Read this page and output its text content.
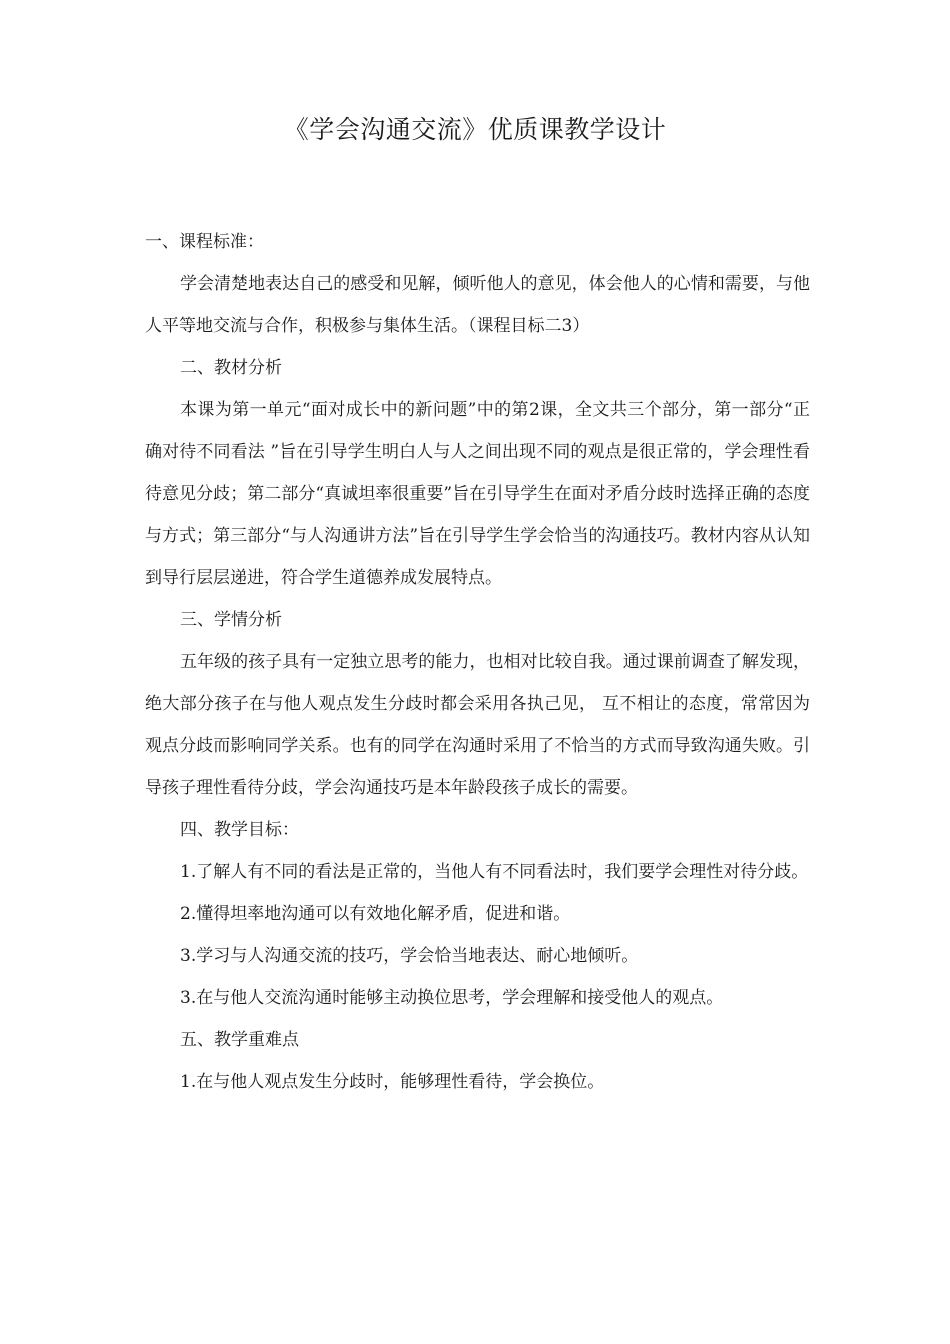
《学会沟通交流》优质课教学设计

一、课程标准：

学会清楚地表达自己的感受和见解，倾听他人的意见，体会他人的心情和需要，与他人平等地交流与合作，积极参与集体生活。（课程目标二3）

二、教材分析

本课为第一单元“面对成长中的新问题”中的第2课，全文共三个部分，第一部分“正确对待不同看法 ”旨在引导学生明白人与人之间出现不同的观点是很正常的，学会理性看待意见分歧；第二部分“真诚坦率很重要”旨在引导学生在面对矛盾分歧时选择正确的态度与方式；第三部分“与人沟通讲方法”旨在引导学生学会恰当的沟通技巧。教材内容从认知到导行层层递进，符合学生道德养成发展特点。

三、学情分析

五年级的孩子具有一定独立思考的能力，也相对比较自我。通过课前调查了解发现，绝大部分孩子在与他人观点发生分歧时都会采用各执己见， 互不相让的态度，常常因为观点分歧而影响同学关系。也有的同学在沟通时采用了不恰当的方式而导致沟通失败。引导孩子理性看待分歧，学会沟通技巧是本年龄段孩子成长的需要。

四、教学目标：

1.了解人有不同的看法是正常的，当他人有不同看法时，我们要学会理性对待分歧。

2.懂得坦率地沟通可以有效地化解矛盾，促进和谐。

3.学习与人沟通交流的技巧，学会恰当地表达、耐心地倾听。

3.在与他人交流沟通时能够主动换位思考，学会理解和接受他人的观点。

五、教学重难点

1.在与他人观点发生分歧时，能够理性看待，学会换位。
